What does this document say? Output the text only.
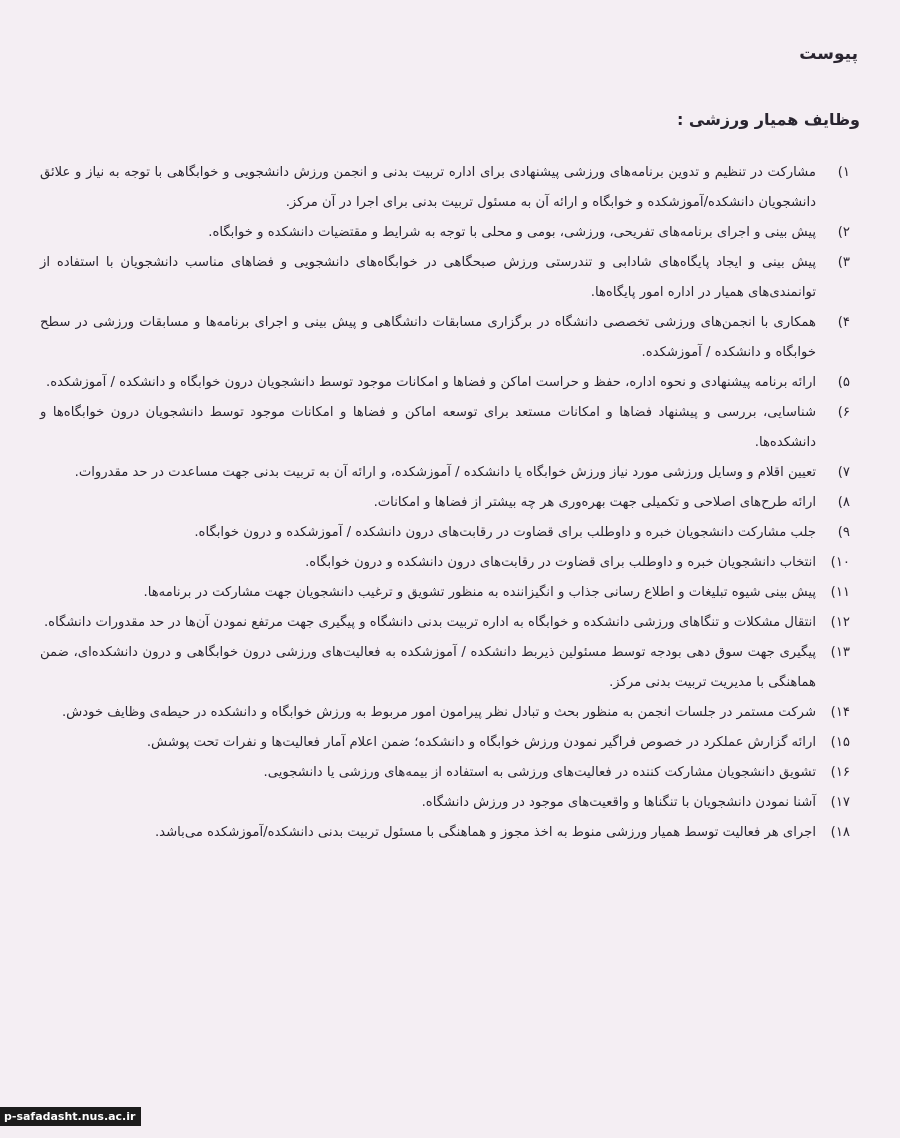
پیوست
وظایف همیار ورزشی :
۱)
مشارکت در تنظیم و تدوین برنامه‌های ورزشی پیشنهادی برای اداره تربیت بدنی و انجمن ورزش دانشجویی و خوابگاهی با توجه به نیاز و علائق دانشجویان دانشکده/آموزشکده و خوابگاه و ارائه آن به مسئول تربیت بدنی برای اجرا در آن مرکز.
۲)
پیش بینی و اجرای برنامه‌های تفریحی، ورزشی، بومی و محلی با توجه به شرایط و مقتضیات دانشکده و خوابگاه.
۳)
پیش بینی و ایجاد پایگاه‌های شادابی و تندرستی ورزش صبحگاهی در خوابگاه‌های دانشجویی و فضاهای مناسب دانشجویان با استفاده از توانمندی‌های همیار در اداره امور پایگاه‌ها.
۴)
همکاری با انجمن‌های ورزشی تخصصی دانشگاه در برگزاری مسابقات دانشگاهی و پیش بینی و اجرای برنامه‌ها و مسابقات ورزشی در سطح خوابگاه و دانشکده / آموزشکده.
۵)
ارائه برنامه پیشنهادی و نحوه اداره، حفظ و حراست اماکن و فضاها و امکانات موجود توسط دانشجویان درون خوابگاه و دانشکده / آموزشکده.
۶)
شناسایی، بررسی و پیشنهاد فضاها و امکانات مستعد برای توسعه اماکن و فضاها و امکانات موجود توسط دانشجویان درون خوابگاه‌ها و دانشکده‌ها.
۷)
تعیین اقلام و وسایل ورزشی مورد نیاز ورزش خوابگاه یا دانشکده / آموزشکده، و ارائه آن به تربیت بدنی جهت مساعدت در حد مقدروات.
۸)
ارائه طرح‌های اصلاحی و تکمیلی جهت بهره‌وری هر چه بیشتر از فضاها و امکانات.
۹)
جلب مشارکت دانشجویان خبره و داوطلب برای قضاوت در رقابت‌های درون دانشکده / آموزشکده و درون خوابگاه.
۱۰)
انتخاب دانشجویان خبره و داوطلب برای قضاوت در رقابت‌های درون دانشکده و درون خوابگاه.
۱۱)
پیش بینی شیوه تبلیغات و اطلاع رسانی جذاب و انگیزاننده به منظور تشویق و ترغیب دانشجویان جهت مشارکت در برنامه‌ها.
۱۲)
انتقال مشکلات و تنگاهای ورزشی دانشکده و خوابگاه به اداره تربیت بدنی دانشگاه و پیگیری جهت مرتفع نمودن آن‌ها در حد مقدورات دانشگاه.
۱۳)
پیگیری جهت سوق دهی بودجه توسط مسئولین ذیربط دانشکده / آموزشکده به فعالیت‌های ورزشی درون خوابگاهی و درون دانشکده‌ای، ضمن هماهنگی با مدیریت تربیت بدنی مرکز.
۱۴)
شرکت مستمر در جلسات انجمن به منظور بحث و تبادل نظر پیرامون امور مربوط به ورزش خوابگاه و دانشکده در حیطه‌ی وظایف خودش.
۱۵)
ارائه گزارش عملکرد در خصوص فراگیر نمودن ورزش خوابگاه و دانشکده؛ ضمن اعلام آمار فعالیت‌ها و نفرات تحت پوشش.
۱۶)
تشویق دانشجویان مشارکت کننده در فعالیت‌های ورزشی به استفاده از بیمه‌های ورزشی یا دانشجویی.
۱۷)
آشنا نمودن دانشجویان با تنگناها و واقعیت‌های موجود در ورزش دانشگاه.
۱۸)
اجرای هر فعالیت توسط همیار ورزشی منوط به اخذ مجوز و هماهنگی با مسئول تربیت بدنی دانشکده/آموزشکده می‌باشد.
p-safadasht.nus.ac.ir
